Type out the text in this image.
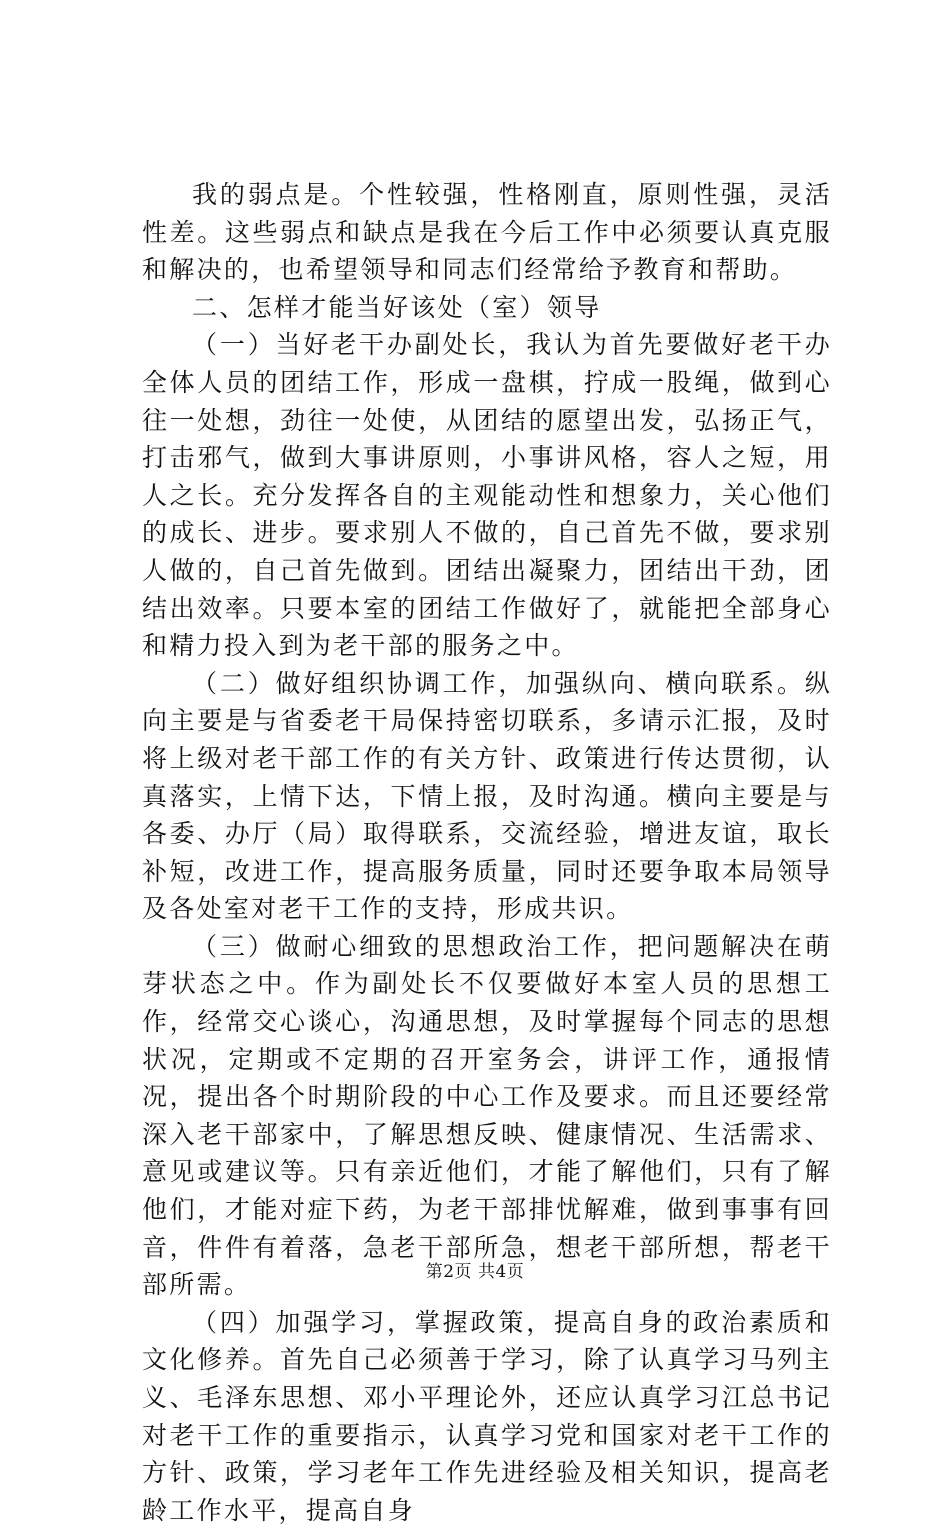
我的弱点是。个性较强，性格刚直，原则性强，灵活性差。这些弱点和缺点是我在今后工作中必须要认真克服和解决的，也希望领导和同志们经常给予教育和帮助。

二、怎样才能当好该处（室）领导

（一）当好老干办副处长，我认为首先要做好老干办全体人员的团结工作，形成一盘棋，拧成一股绳，做到心往一处想，劲往一处使，从团结的愿望出发，弘扬正气，打击邪气，做到大事讲原则，小事讲风格，容人之短，用人之长。充分发挥各自的主观能动性和想象力，关心他们的成长、进步。要求别人不做的，自己首先不做，要求别人做的，自己首先做到。团结出凝聚力，团结出干劲，团结出效率。只要本室的团结工作做好了，就能把全部身心和精力投入到为老干部的服务之中。

（二）做好组织协调工作，加强纵向、横向联系。纵向主要是与省委老干局保持密切联系，多请示汇报，及时将上级对老干部工作的有关方针、政策进行传达贯彻，认真落实，上情下达，下情上报，及时沟通。横向主要是与各委、办厅（局）取得联系，交流经验，增进友谊，取长补短，改进工作，提高服务质量，同时还要争取本局领导及各处室对老干工作的支持，形成共识。

（三）做耐心细致的思想政治工作，把问题解决在萌芽状态之中。作为副处长不仅要做好本室人员的思想工作，经常交心谈心，沟通思想，及时掌握每个同志的思想状况，定期或不定期的召开室务会，讲评工作，通报情况，提出各个时期阶段的中心工作及要求。而且还要经常深入老干部家中，了解思想反映、健康情况、生活需求、意见或建议等。只有亲近他们，才能了解他们，只有了解他们，才能对症下药，为老干部排忧解难，做到事事有回音，件件有着落，急老干部所急，想老干部所想，帮老干部所需。

（四）加强学习，掌握政策，提高自身的政治素质和文化修养。首先自己必须善于学习，除了认真学习马列主义、毛泽东思想、邓小平理论外，还应认真学习江总书记对老干工作的重要指示，认真学习党和国家对老干工作的方针、政策，学习老年工作先进经验及相关知识，提高老龄工作水平，提高自身

第2页 共4页
